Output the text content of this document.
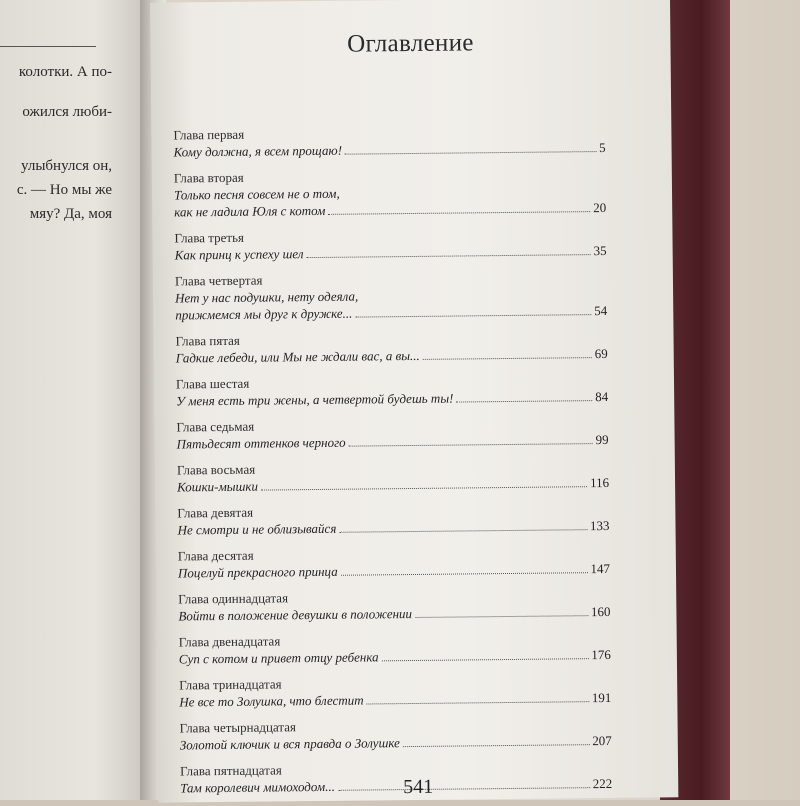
колотки. А по-
ожился люби-
улыбнулся он,
с. — Но мы же
мяу? Да, моя
Оглавление
Глава первая
Кому должна, я всем прощаю!	5
Глава вторая
Только песня совсем не о том,
как не ладила Юля с котом	20
Глава третья
Как принц к успеху шел	35
Глава четвертая
Нет у нас подушки, нету одеяла,
прижмемся мы друг к дружке...	54
Глава пятая
Гадкие лебеди, или Мы не ждали вас, а вы...	69
Глава шестая
У меня есть три жены, а четвертой будешь ты!	84
Глава седьмая
Пятьдесят оттенков черного	99
Глава восьмая
Кошки-мышки	116
Глава девятая
Не смотри и не облизывайся	133
Глава десятая
Поцелуй прекрасного принца	147
Глава одиннадцатая
Войти в положение девушки в положении	160
Глава двенадцатая
Суп с котом и привет отцу ребенка	176
Глава тринадцатая
Не все то Золушка, что блестит	191
Глава четырнадцатая
Золотой ключик и вся правда о Золушке	207
Глава пятнадцатая
Там королевич мимоходом...	222
541
